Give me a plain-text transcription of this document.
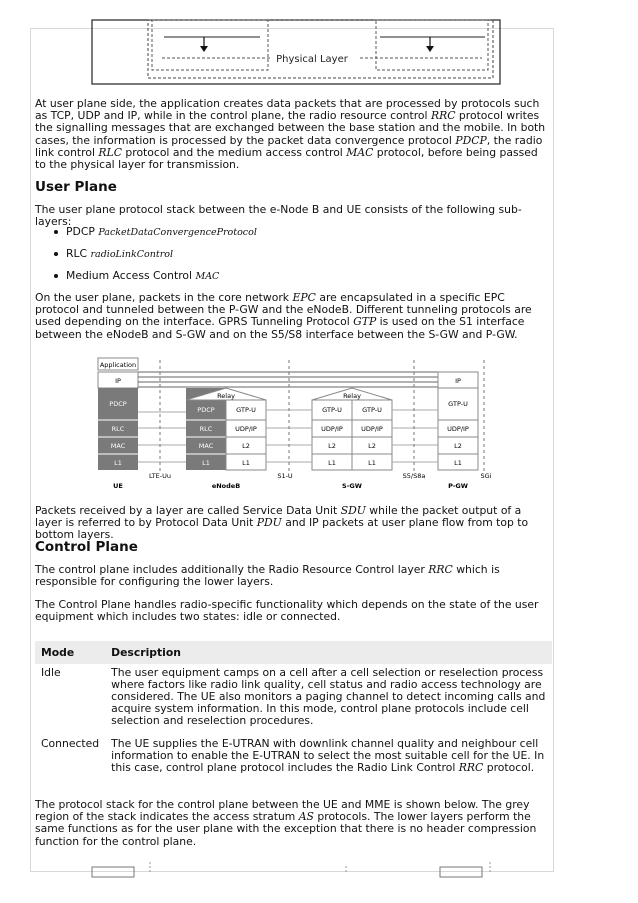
Physical Layer

At user plane side, the application creates data packets that are processed by protocols such as TCP, UDP and IP, while in the control plane, the radio resource control RRC protocol writes the signalling messages that are exchanged between the base station and the mobile. In both cases, the information is processed by the packet data convergence protocol PDCP, the radio link control RLC protocol and the medium access control MAC protocol, before being passed to the physical layer for transmission.

User Plane

The user plane protocol stack between the e-Node B and UE consists of the following sub-layers:

PDCP PacketDataConvergenceProtocol
RLC radioLinkControl
Medium Access Control MAC

On the user plane, packets in the core network EPC are encapsulated in a specific EPC protocol and tunneled between the P-GW and the eNodeB. Different tunneling protocols are used depending on the interface. GPRS Tunneling Protocol GTP is used on the S1 interface between the eNodeB and S-GW and on the S5/S8 interface between the S-GW and P-GW.

Application
IP
PDCP
RLC
MAC
L1
UE
PDCP
RLC
MAC
L1
GTP-U
UDP/IP
L2
L1
Relay
eNodeB
GTP-U
UDP/IP
L2
L1
GTP-U
UDP/IP
L2
L1
Relay
S-GW
IP
GTP-U
UDP/IP
L2
L1
P-GW
LTE-Uu	S1-U	S5/S8a	SGi

Packets received by a layer are called Service Data Unit SDU while the packet output of a layer is referred to by Protocol Data Unit PDU and IP packets at user plane flow from top to bottom layers.

Control Plane

The control plane includes additionally the Radio Resource Control layer RRC which is responsible for configuring the lower layers.

The Control Plane handles radio-specific functionality which depends on the state of the user equipment which includes two states: idle or connected.

Mode	Description
Idle	The user equipment camps on a cell after a cell selection or reselection process where factors like radio link quality, cell status and radio access technology are considered. The UE also monitors a paging channel to detect incoming calls and acquire system information. In this mode, control plane protocols include cell selection and reselection procedures.
Connected	The UE supplies the E-UTRAN with downlink channel quality and neighbour cell information to enable the E-UTRAN to select the most suitable cell for the UE. In this case, control plane protocol includes the Radio Link Control RRC protocol.

The protocol stack for the control plane between the UE and MME is shown below. The grey region of the stack indicates the access stratum AS protocols. The lower layers perform the same functions as for the user plane with the exception that there is no header compression function for the control plane.
